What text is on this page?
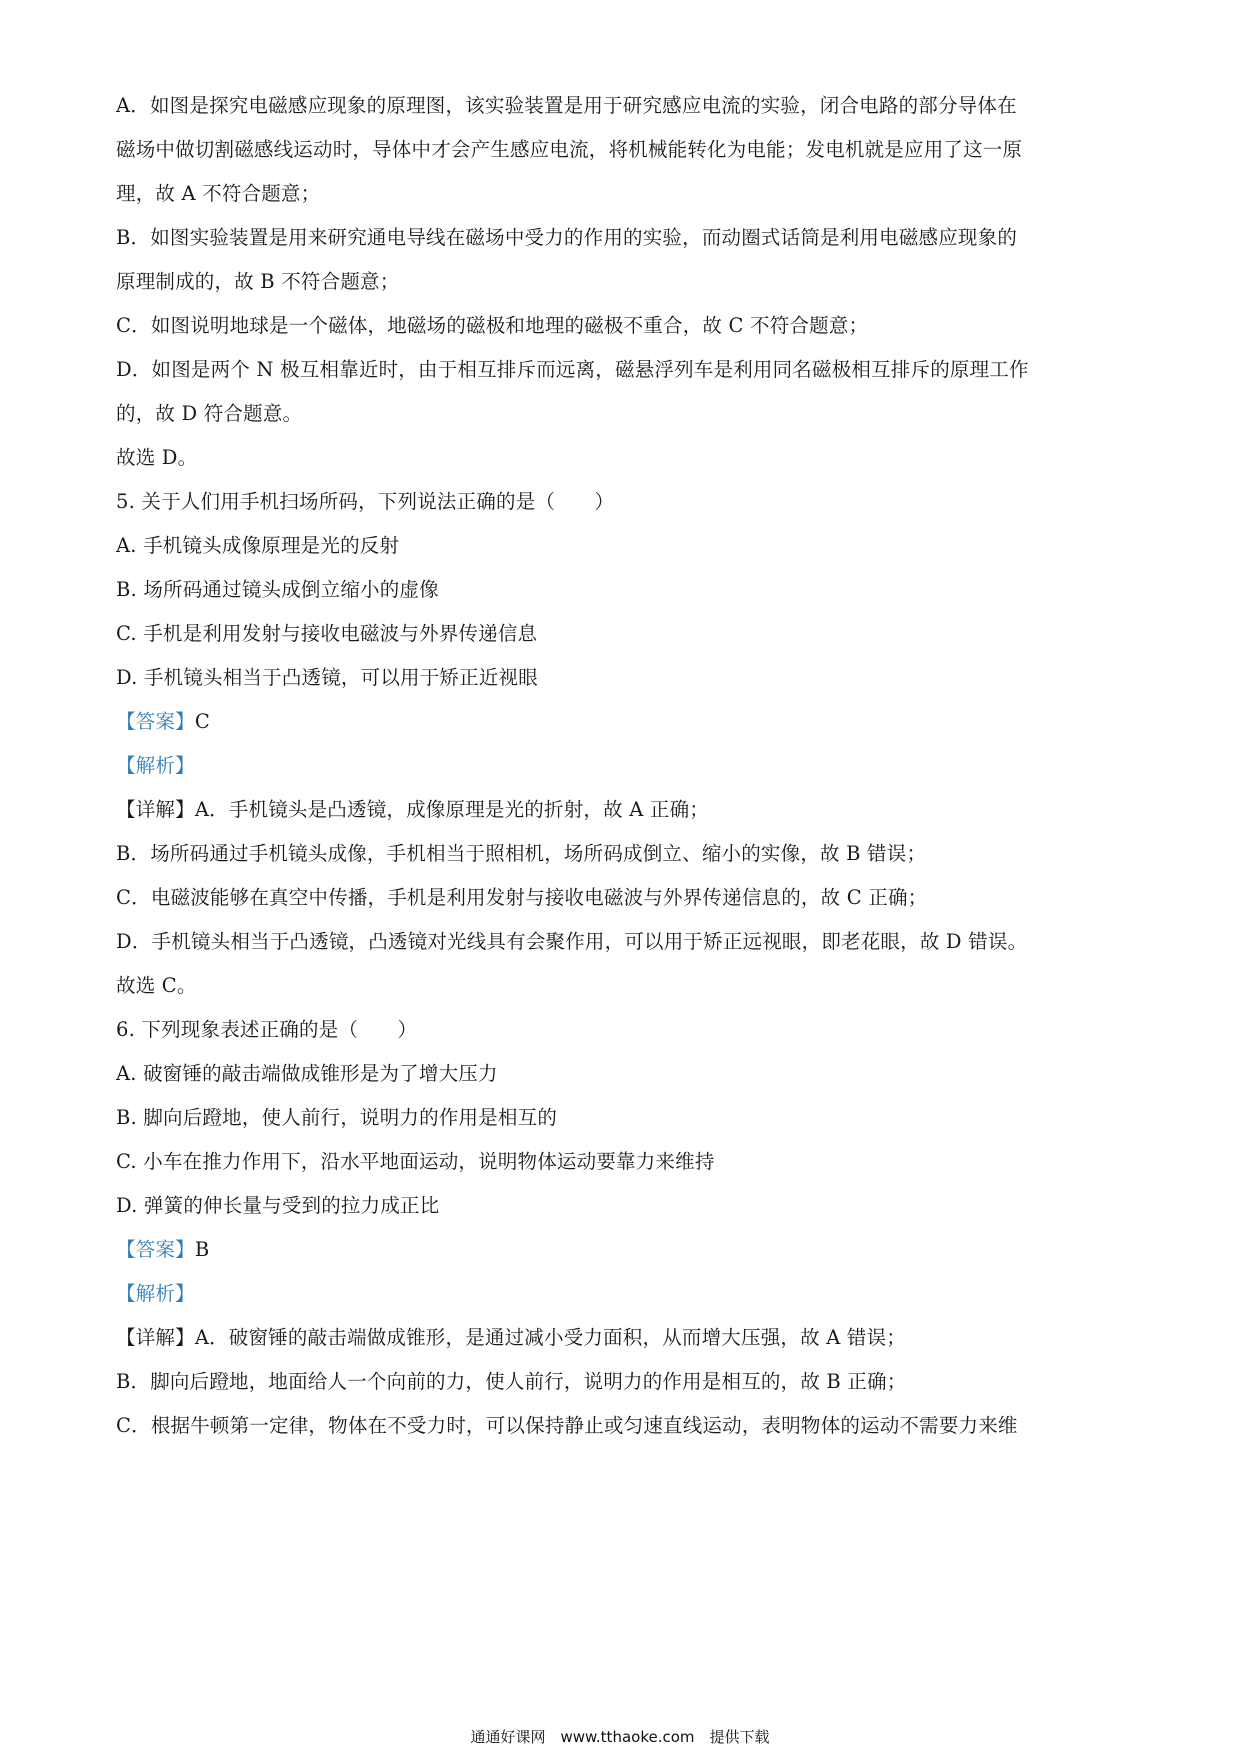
A．如图是探究电磁感应现象的原理图，该实验装置是用于研究感应电流的实验，闭合电路的部分导体在
磁场中做切割磁感线运动时，导体中才会产生感应电流，将机械能转化为电能；发电机就是应用了这一原
理，故 A 不符合题意；
B．如图实验装置是用来研究通电导线在磁场中受力的作用的实验，而动圈式话筒是利用电磁感应现象的
原理制成的，故 B 不符合题意；
C．如图说明地球是一个磁体，地磁场的磁极和地理的磁极不重合，故 C 不符合题意；
D．如图是两个 N 极互相靠近时，由于相互排斥而远离，磁悬浮列车是利用同名磁极相互排斥的原理工作
的，故 D 符合题意。
故选 D。
5. 关于人们用手机扫场所码，下列说法正确的是（　　）
A. 手机镜头成像原理是光的反射
B. 场所码通过镜头成倒立缩小的虚像
C. 手机是利用发射与接收电磁波与外界传递信息
D. 手机镜头相当于凸透镜，可以用于矫正近视眼
【答案】C
【解析】
【详解】A．手机镜头是凸透镜，成像原理是光的折射，故 A 正确；
B．场所码通过手机镜头成像，手机相当于照相机，场所码成倒立、缩小的实像，故 B 错误；
C．电磁波能够在真空中传播，手机是利用发射与接收电磁波与外界传递信息的，故 C 正确；
D．手机镜头相当于凸透镜，凸透镜对光线具有会聚作用，可以用于矫正远视眼，即老花眼，故 D 错误。
故选 C。
6. 下列现象表述正确的是（　　）
A. 破窗锤的敲击端做成锥形是为了增大压力
B. 脚向后蹬地，使人前行，说明力的作用是相互的
C. 小车在推力作用下，沿水平地面运动，说明物体运动要靠力来维持
D. 弹簧的伸长量与受到的拉力成正比
【答案】B
【解析】
【详解】A．破窗锤的敲击端做成锥形，是通过减小受力面积，从而增大压强，故 A 错误；
B．脚向后蹬地，地面给人一个向前的力，使人前行，说明力的作用是相互的，故 B 正确；
C．根据牛顿第一定律，物体在不受力时，可以保持静止或匀速直线运动，表明物体的运动不需要力来维
通通好课网　www.tthaoke.com　提供下载
